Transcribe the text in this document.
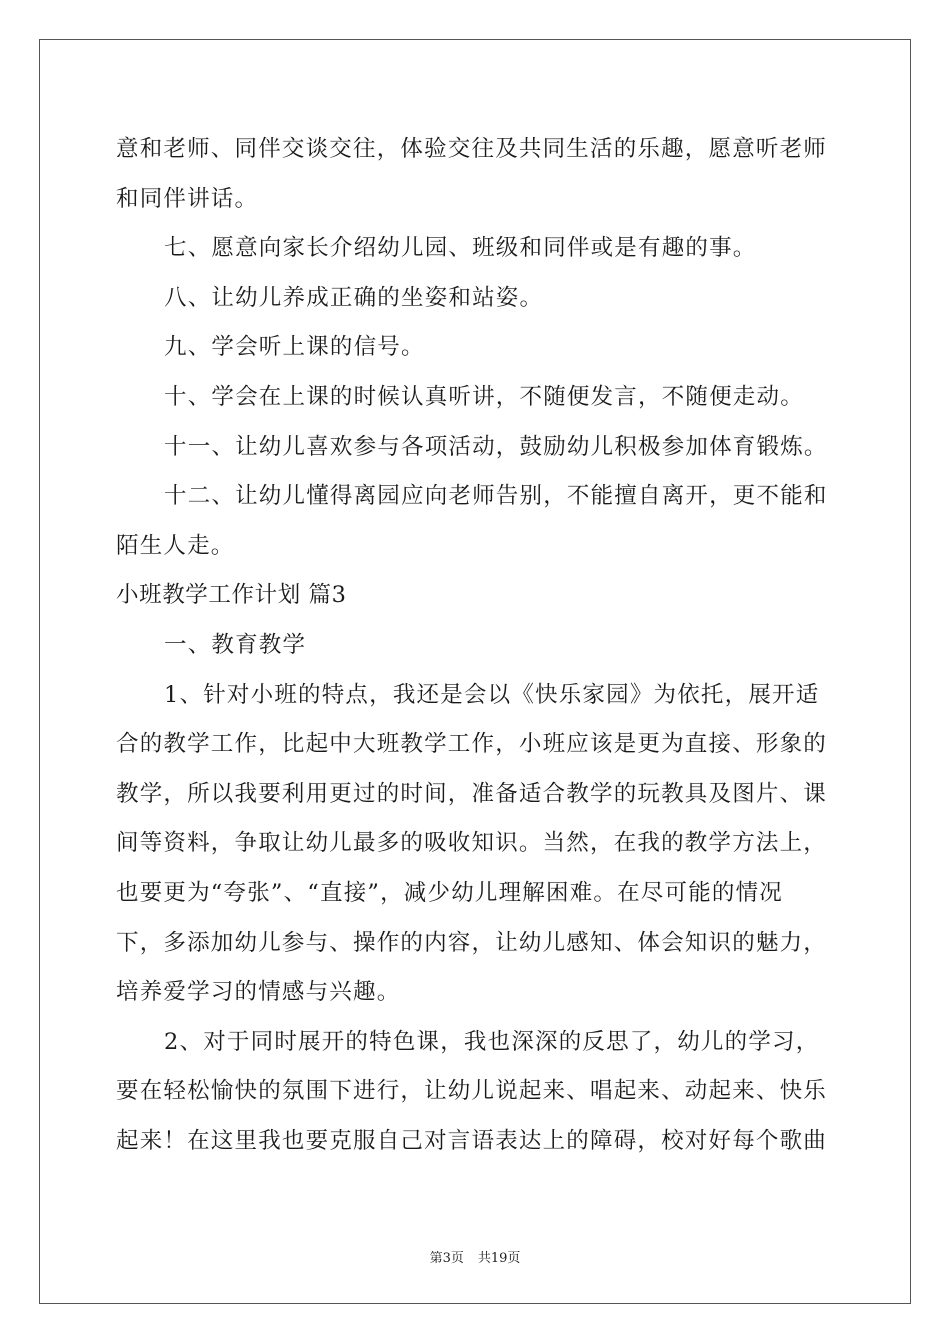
意和老师、同伴交谈交往，体验交往及共同生活的乐趣，愿意听老师
和同伴讲话。
七、愿意向家长介绍幼儿园、班级和同伴或是有趣的事。
八、让幼儿养成正确的坐姿和站姿。
九、学会听上课的信号。
十、学会在上课的时候认真听讲，不随便发言，不随便走动。
十一、让幼儿喜欢参与各项活动，鼓励幼儿积极参加体育锻炼。
十二、让幼儿懂得离园应向老师告别，不能擅自离开，更不能和
陌生人走。
小班教学工作计划 篇3
一、教育教学
1、针对小班的特点，我还是会以《快乐家园》为依托，展开适
合的教学工作，比起中大班教学工作，小班应该是更为直接、形象的
教学，所以我要利用更过的时间，准备适合教学的玩教具及图片、课
间等资料，争取让幼儿最多的吸收知识。当然，在我的教学方法上，
也要更为“夸张”、“直接”，减少幼儿理解困难。在尽可能的情况
下，多添加幼儿参与、操作的内容，让幼儿感知、体会知识的魅力，
培养爱学习的情感与兴趣。
2、对于同时展开的特色课，我也深深的反思了，幼儿的学习，
要在轻松愉快的氛围下进行，让幼儿说起来、唱起来、动起来、快乐
起来！在这里我也要克服自己对言语表达上的障碍，校对好每个歌曲
第3页 共19页
